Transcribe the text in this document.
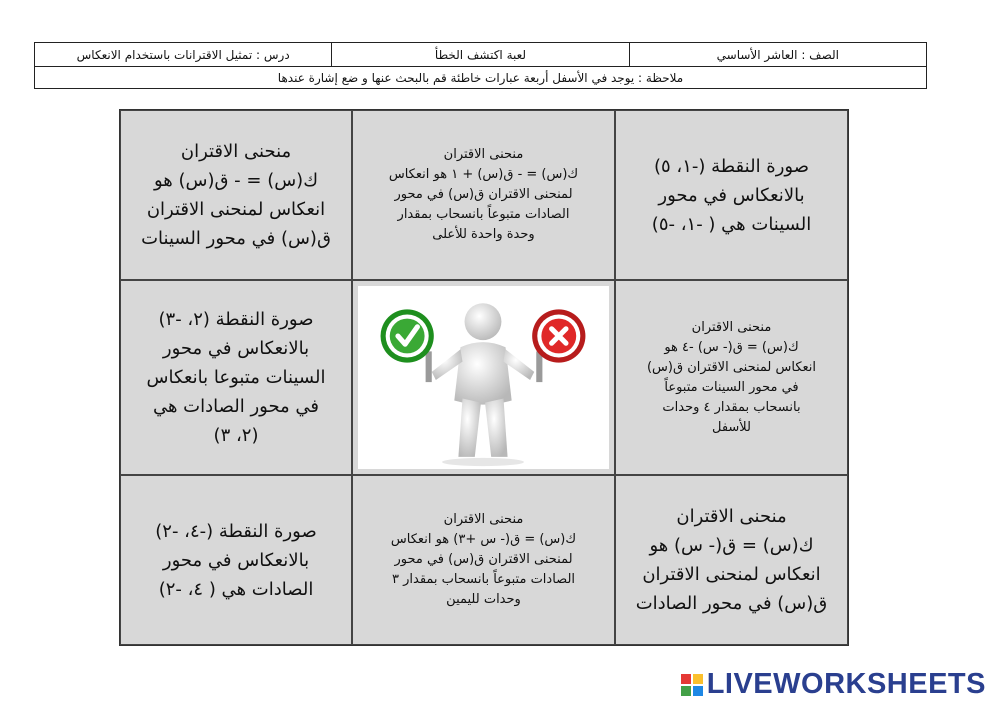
درس : تمثيل الاقترانات باستخدام الانعكاس	لعبة اكتشف الخطأ	الصف : العاشر الأساسي
ملاحظة : يوجد في الأسفل أربعة عبارات خاطئة قم بالبحث عنها و ضع إشارة عندها
منحنى الاقتران
ك(س) = - ق(س) هو
انعكاس لمنحنى الاقتران
ق(س) في محور السينات
منحنى الاقتران
ك(س) = - ق(س) + ١ هو انعكاس
لمنحنى الاقتران ق(س) في محور
الصادات متبوعاً بانسحاب بمقدار
وحدة واحدة للأعلى
صورة النقطة (-١، ٥)
بالانعكاس في محور
السينات هي ( -١، -٥)
صورة النقطة (٢، -٣)
بالانعكاس في محور
السينات متبوعا بانعكاس
في محور الصادات هي
(٢، ٣)
منحنى الاقتران
ك(س) = ق(- س) -٤ هو
انعكاس لمنحنى الاقتران ق(س)
في محور السينات متبوعاً
بانسحاب بمقدار ٤ وحدات
للأسفل
صورة النقطة (-٤، -٢)
بالانعكاس في محور
الصادات هي ( ٤، -٢)
منحنى الاقتران
ك(س) = ق(- س +٣) هو انعكاس
لمنحنى الاقتران ق(س) في محور
الصادات متبوعاً بانسحاب بمقدار ٣
وحدات لليمين
منحنى الاقتران
ك(س) = ق(- س) هو
انعكاس لمنحنى الاقتران
ق(س) في محور الصادات
LIVEWORKSHEETS
